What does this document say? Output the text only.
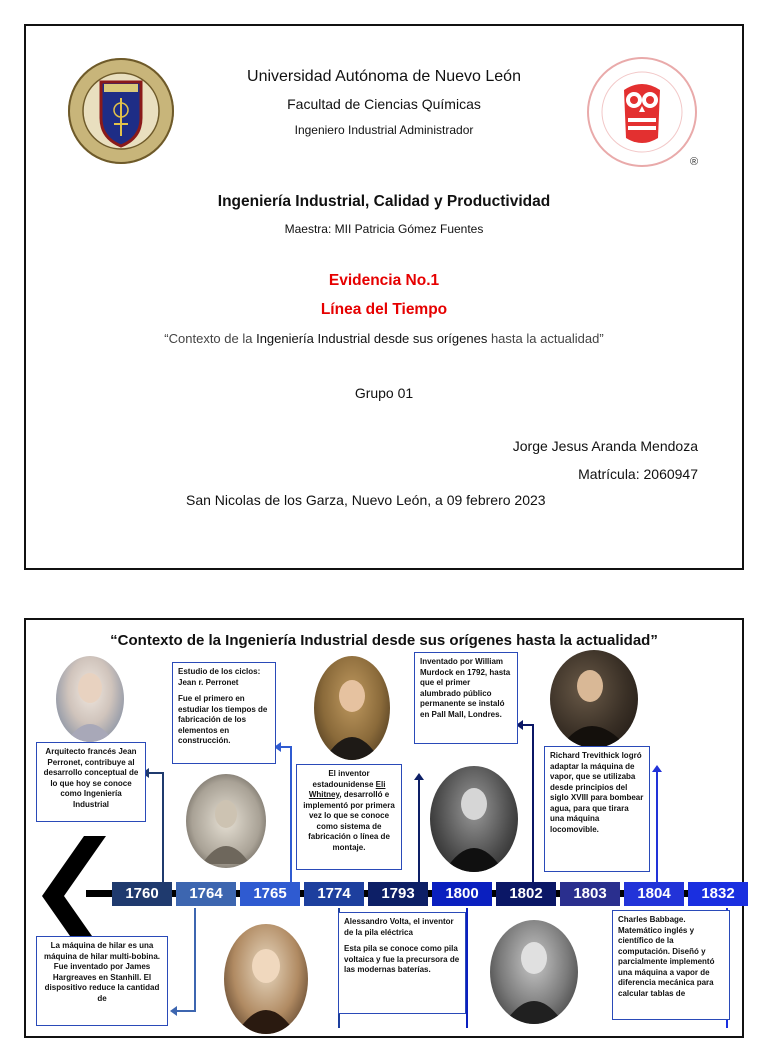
®
Universidad Autónoma de Nuevo León
Facultad de Ciencias Químicas
Ingeniero Industrial Administrador
Ingeniería Industrial, Calidad y Productividad
Maestra: MII Patricia Gómez Fuentes
Evidencia No.1
Línea del Tiempo
“Contexto de la Ingeniería Industrial desde sus orígenes hasta la actualidad”
Grupo 01
Jorge Jesus Aranda Mendoza
Matrícula: 2060947
San Nicolas de los Garza, Nuevo León, a 09 febrero 2023
“Contexto de la Ingeniería Industrial desde sus orígenes hasta la actualidad”
1760	1764	1765	1774	1793	1800	1802	1803	1804	1832

Estudio de los ciclos:
Jean r. Perronet

Fue el primero en estudiar los tiempos de fabricación de los elementos en construcción.

Inventado por William Murdock en 1792, hasta que el primer alumbrado público permanente se instaló en Pall Mall, Londres.
Arquitecto francés Jean Perronet, contribuye al desarrollo conceptual de lo que hoy se conoce como Ingeniería Industrial
El inventor estadounidense Eli Whitney, desarrolló e implementó por primera vez lo que se conoce como sistema de fabricación o línea de montaje.
Richard Trevithick logró adaptar la máquina de vapor, que se utilizaba desde principios del siglo XVIII para bombear agua, para que tirara una máquina locomovible.
La máquina de hilar es una máquina de hilar multi-bobina. Fue inventado por James Hargreaves en Stanhill. El dispositivo reduce la cantidad de

Alessandro Volta, el inventor de la pila eléctrica

Esta pila se conoce como pila voltaica y fue la precursora de las modernas baterías.

Charles Babbage. Matemático inglés y científico de la computación. Diseñó y parcialmente implementó una máquina a vapor de diferencia mecánica para calcular tablas de
